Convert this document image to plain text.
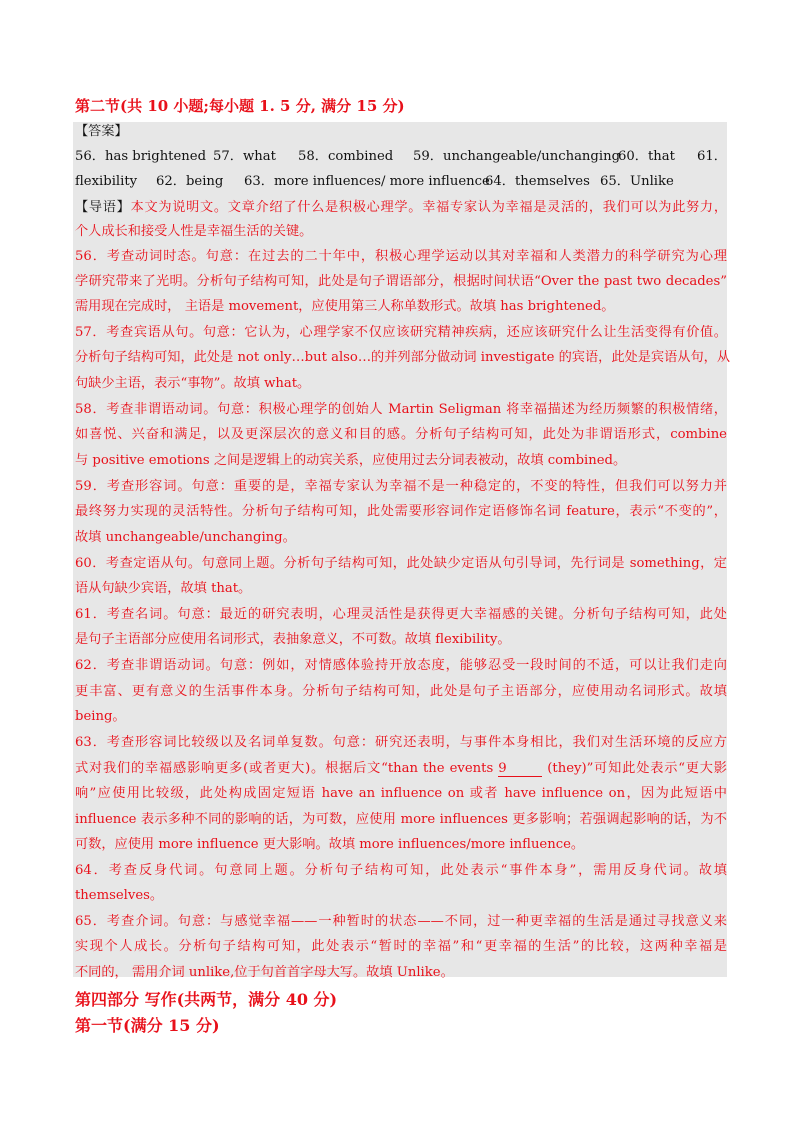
第二节(共 10 小题;每小题 1. 5 分, 满分 15 分)
【答案】
56．has brightened 57．what 58．combined 59．unchangeable/unchanging
60．that 61．
flexibility 62．being 63．more influences/ more influence
64．themselves 65．Unlike
【导语】本文为说明文。文章介绍了什么是积极心理学。幸福专家认为幸福是灵活的，我们可以为此努力，
个人成长和接受人性是幸福生活的关键。
56．考查动词时态。句意：在过去的二十年中，积极心理学运动以其对幸福和人类潜力的科学研究为心理
学研究带来了光明。分析句子结构可知，此处是句子谓语部分，根据时间状语“Over the past two decades”
需用现在完成时， 主语是 movement，应使用第三人称单数形式。故填 has brightened。
57．考查宾语从句。句意：它认为，心理学家不仅应该研究精神疾病，还应该研究什么让生活变得有价值。
分析句子结构可知，此处是 not only…but also…的并列部分做动词 investigate 的宾语，此处是宾语从句，从
句缺少主语，表示“事物”。故填 what。
58．考查非谓语动词。句意：积极心理学的创始人 Martin Seligman 将幸福描述为经历频繁的积极情绪，
如喜悦、兴奋和满足，以及更深层次的意义和目的感。分析句子结构可知，此处为非谓语形式，combine
与 positive emotions 之间是逻辑上的动宾关系，应使用过去分词表被动，故填 combined。
59．考查形容词。句意：重要的是，幸福专家认为幸福不是一种稳定的，不变的特性，但我们可以努力并
最终努力实现的灵活特性。分析句子结构可知，此处需要形容词作定语修饰名词 feature，表示“不变的”，
故填 unchangeable/unchanging。
60．考查定语从句。句意同上题。分析句子结构可知，此处缺少定语从句引导词，先行词是 something，定
语从句缺少宾语，故填 that。
61．考查名词。句意：最近的研究表明，心理灵活性是获得更大幸福感的关键。分析句子结构可知，此处
是句子主语部分应使用名词形式，表抽象意义，不可数。故填 flexibility。
62．考查非谓语动词。句意：例如，对情感体验持开放态度，能够忍受一段时间的不适，可以让我们走向
更丰富、更有意义的生活事件本身。分析句子结构可知，此处是句子主语部分，应使用动名词形式。故填
being。
63．考查形容词比较级以及名词单复数。句意：研究还表明，与事件本身相比，我们对生活环境的反应方
式对我们的幸福感影响更多(或者更大)。根据后文“than the events 9	(they)”可知此处表示“更大影
响”应使用比较级，此处构成固定短语 have an influence on 或者 have influence on，因为此短语中
influence 表示多种不同的影响的话，为可数，应使用 more influences 更多影响；若强调起影响的话，为不
可数，应使用 more influence 更大影响。故填 more influences/more influence。
64．考查反身代词。句意同上题。分析句子结构可知，此处表示“事件本身”，需用反身代词。故填
themselves。
65．考查介词。句意：与感觉幸福——一种暂时的状态——不同，过一种更幸福的生活是通过寻找意义来
实现个人成长。分析句子结构可知，此处表示“暂时的幸福”和“更幸福的生活”的比较，这两种幸福是
不同的， 需用介词 unlike,位于句首首字母大写。故填 Unlike。
第四部分 写作(共两节，满分 40 分)
第一节(满分 15 分)
